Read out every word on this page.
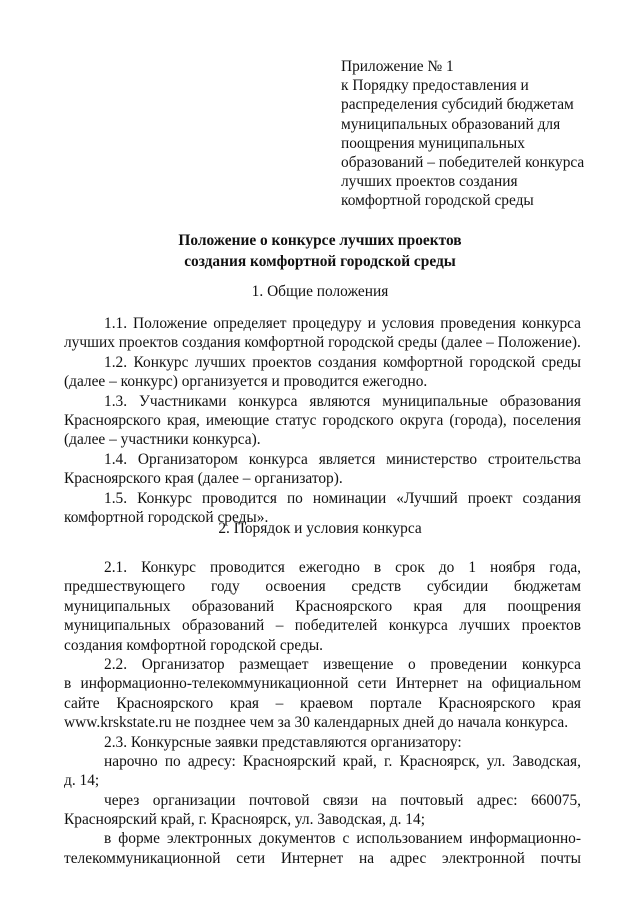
Приложение № 1
к Порядку предоставления и
распределения субсидий бюджетам
муниципальных образований для
поощрения муниципальных
образований – победителей конкурса
лучших проектов создания
комфортной городской среды
Положение о конкурсе лучших проектов
создания комфортной городской среды
1. Общие положения
1.1. Положение определяет процедуру и условия проведения конкурса
лучших проектов создания комфортной городской среды (далее – Положение).
1.2. Конкурс лучших проектов создания комфортной городской среды
(далее – конкурс) организуется и проводится ежегодно.
1.3. Участниками конкурса являются муниципальные образования
Красноярского края, имеющие статус городского округа (города), поселения
(далее – участники конкурса).
1.4. Организатором конкурса является министерство строительства
Красноярского края (далее – организатор).
1.5. Конкурс проводится по номинации «Лучший проект создания
комфортной городской среды».
2. Порядок и условия конкурса
2.1. Конкурс проводится ежегодно в срок до 1 ноября года,
предшествующего году освоения средств субсидии бюджетам
муниципальных образований Красноярского края для поощрения
муниципальных образований – победителей конкурса лучших проектов
создания комфортной городской среды.
2.2. Организатор размещает извещение о проведении конкурса
в информационно-телекоммуникационной сети Интернет на официальном
сайте Красноярского края – краевом портале Красноярского края
www.krskstate.ru не позднее чем за 30 календарных дней до начала конкурса.
2.3. Конкурсные заявки представляются организатору:
нарочно по адресу: Красноярский край, г. Красноярск, ул. Заводская,
д. 14;
через организации почтовой связи на почтовый адрес: 660075,
Красноярский край, г. Красноярск, ул. Заводская, д. 14;
в форме электронных документов с использованием информационно-
телекоммуникационной сети Интернет на адрес электронной почты
